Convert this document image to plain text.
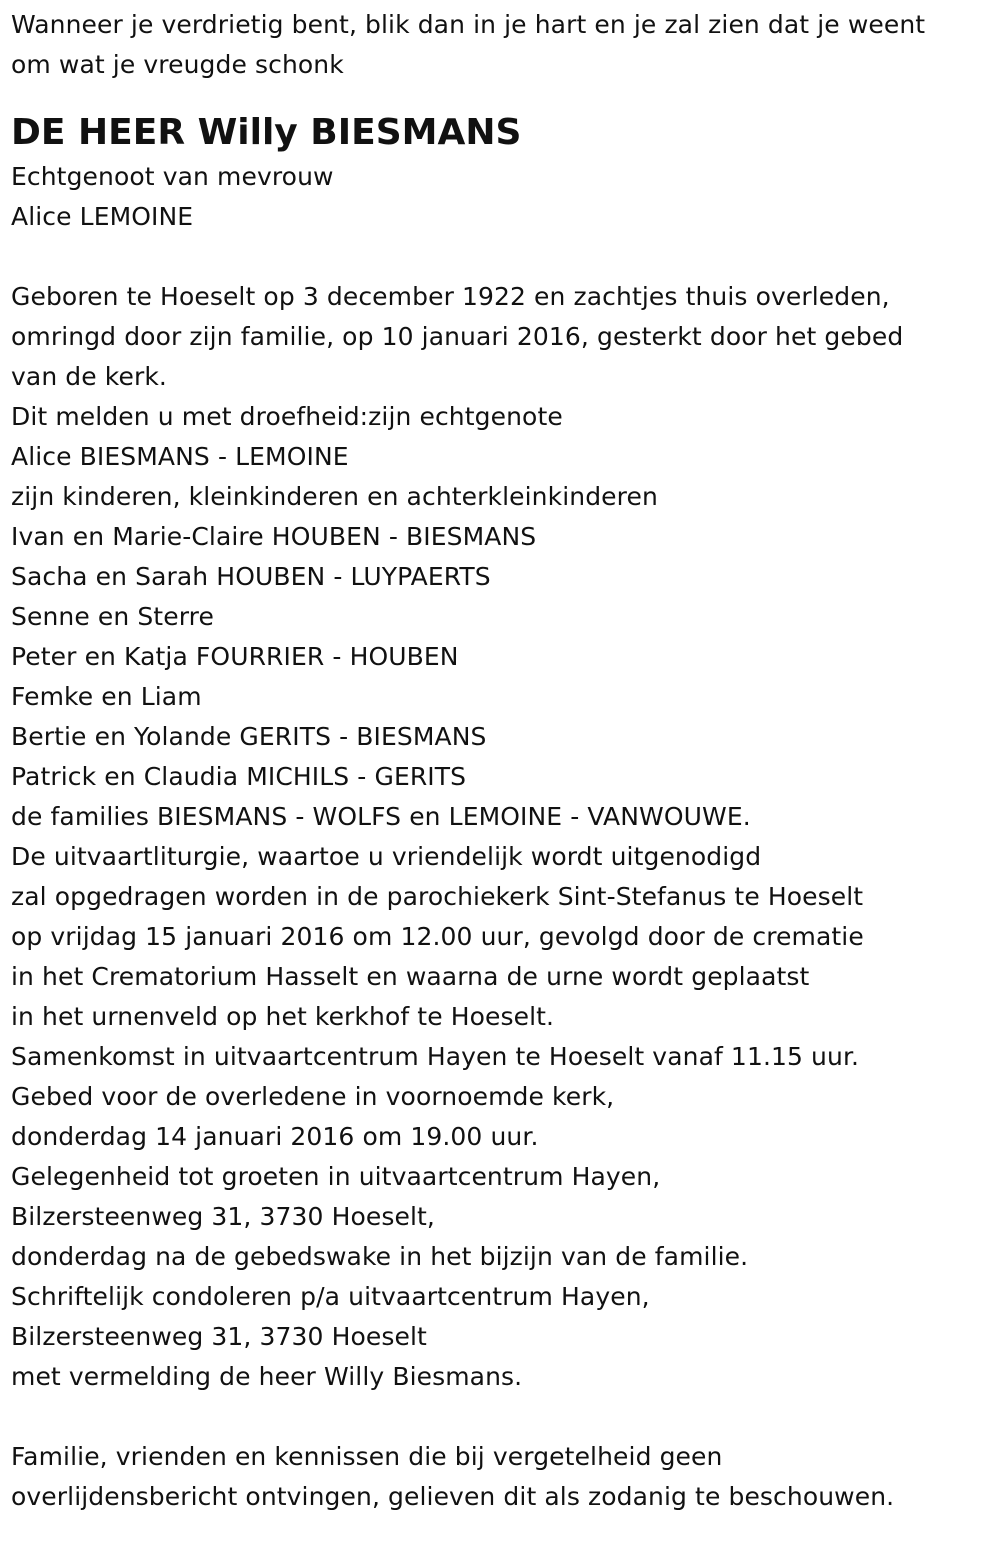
Wanneer je verdrietig bent, blik dan in je hart en je zal zien dat je weent
om wat je vreugde schonk
DE HEER Willy BIESMANS
Echtgenoot van mevrouw
Alice LEMOINE
Geboren te Hoeselt op 3 december 1922 en zachtjes thuis overleden,
omringd door zijn familie, op 10 januari 2016, gesterkt door het gebed
van de kerk.
Dit melden u met droefheid:zijn echtgenote
Alice BIESMANS - LEMOINE
zijn kinderen, kleinkinderen en achterkleinkinderen
Ivan en Marie-Claire HOUBEN - BIESMANS
Sacha en Sarah HOUBEN - LUYPAERTS
Senne en Sterre
Peter en Katja FOURRIER - HOUBEN
Femke en Liam
Bertie en Yolande GERITS - BIESMANS
Patrick en Claudia MICHILS - GERITS
de families BIESMANS - WOLFS en LEMOINE - VANWOUWE.
De uitvaartliturgie, waartoe u vriendelijk wordt uitgenodigd
zal opgedragen worden in de parochiekerk Sint-Stefanus te Hoeselt
op vrijdag 15 januari 2016 om 12.00 uur, gevolgd door de crematie
in het Crematorium Hasselt en waarna de urne wordt geplaatst
in het urnenveld op het kerkhof te Hoeselt.
Samenkomst in uitvaartcentrum Hayen te Hoeselt vanaf 11.15 uur.
Gebed voor de overledene in voornoemde kerk,
donderdag 14 januari 2016 om 19.00 uur.
Gelegenheid tot groeten in uitvaartcentrum Hayen,
Bilzersteenweg 31, 3730 Hoeselt,
donderdag na de gebedswake in het bijzijn van de familie.
Schriftelijk condoleren p/a uitvaartcentrum Hayen,
Bilzersteenweg 31, 3730 Hoeselt
met vermelding de heer Willy Biesmans.
Familie, vrienden en kennissen die bij vergetelheid geen
overlijdensbericht ontvingen, gelieven dit als zodanig te beschouwen.
